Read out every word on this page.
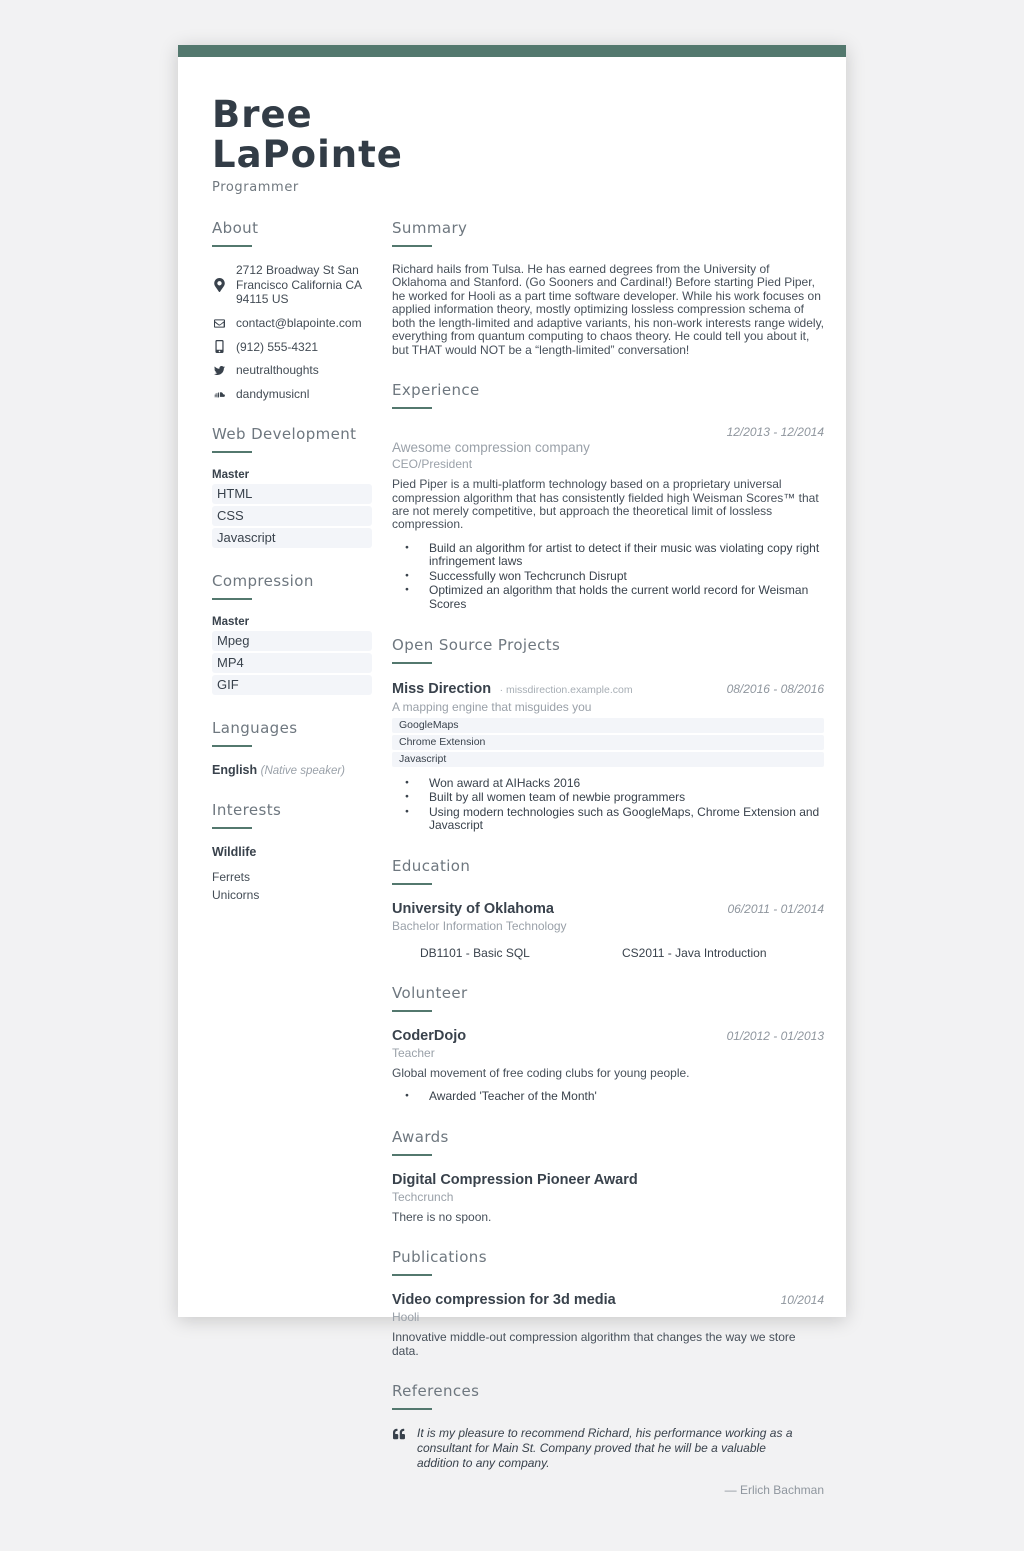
Bree
LaPointe
Programmer
About
2712 Broadway St San Francisco California CA 94115 US
contact@blapointe.com
(912) 555-4321
neutralthoughts
dandymusicnl
Web Development
Master
HTML
CSS
Javascript
Compression
Master
Mpeg
MP4
GIF
Languages
English (Native speaker)
Interests
Wildlife
Ferrets
Unicorns
Summary
Richard hails from Tulsa. He has earned degrees from the University of Oklahoma and Stanford. (Go Sooners and Cardinal!) Before starting Pied Piper, he worked for Hooli as a part time software developer. While his work focuses on applied information theory, mostly optimizing lossless compression schema of both the length-limited and adaptive variants, his non-work interests range widely, everything from quantum computing to chaos theory. He could tell you about it, but THAT would NOT be a “length-limited” conversation!
Experience
12/2013 - 12/2014
Awesome compression company
CEO/President
Pied Piper is a multi-platform technology based on a proprietary universal compression algorithm that has consistently fielded high Weisman Scores™ that are not merely competitive, but approach the theoretical limit of lossless compression.
● Build an algorithm for artist to detect if their music was violating copy right infringement laws
● Successfully won Techcrunch Disrupt
● Optimized an algorithm that holds the current world record for Weisman Scores
Open Source Projects
Miss Direction · missdirection.example.com	08/2016 - 08/2016
A mapping engine that misguides you
GoogleMaps
Chrome Extension
Javascript
● Won award at AIHacks 2016
● Built by all women team of newbie programmers
● Using modern technologies such as GoogleMaps, Chrome Extension and Javascript
Education
University of Oklahoma	06/2011 - 01/2014
Bachelor Information Technology
DB1101 - Basic SQL	CS2011 - Java Introduction
Volunteer
CoderDojo	01/2012 - 01/2013
Teacher
Global movement of free coding clubs for young people.
● Awarded 'Teacher of the Month'
Awards
Digital Compression Pioneer Award
Techcrunch
There is no spoon.
Publications
Video compression for 3d media	10/2014
Hooli
Innovative middle-out compression algorithm that changes the way we store data.
References
It is my pleasure to recommend Richard, his performance working as a consultant for Main St. Company proved that he will be a valuable addition to any company.
— Erlich Bachman
